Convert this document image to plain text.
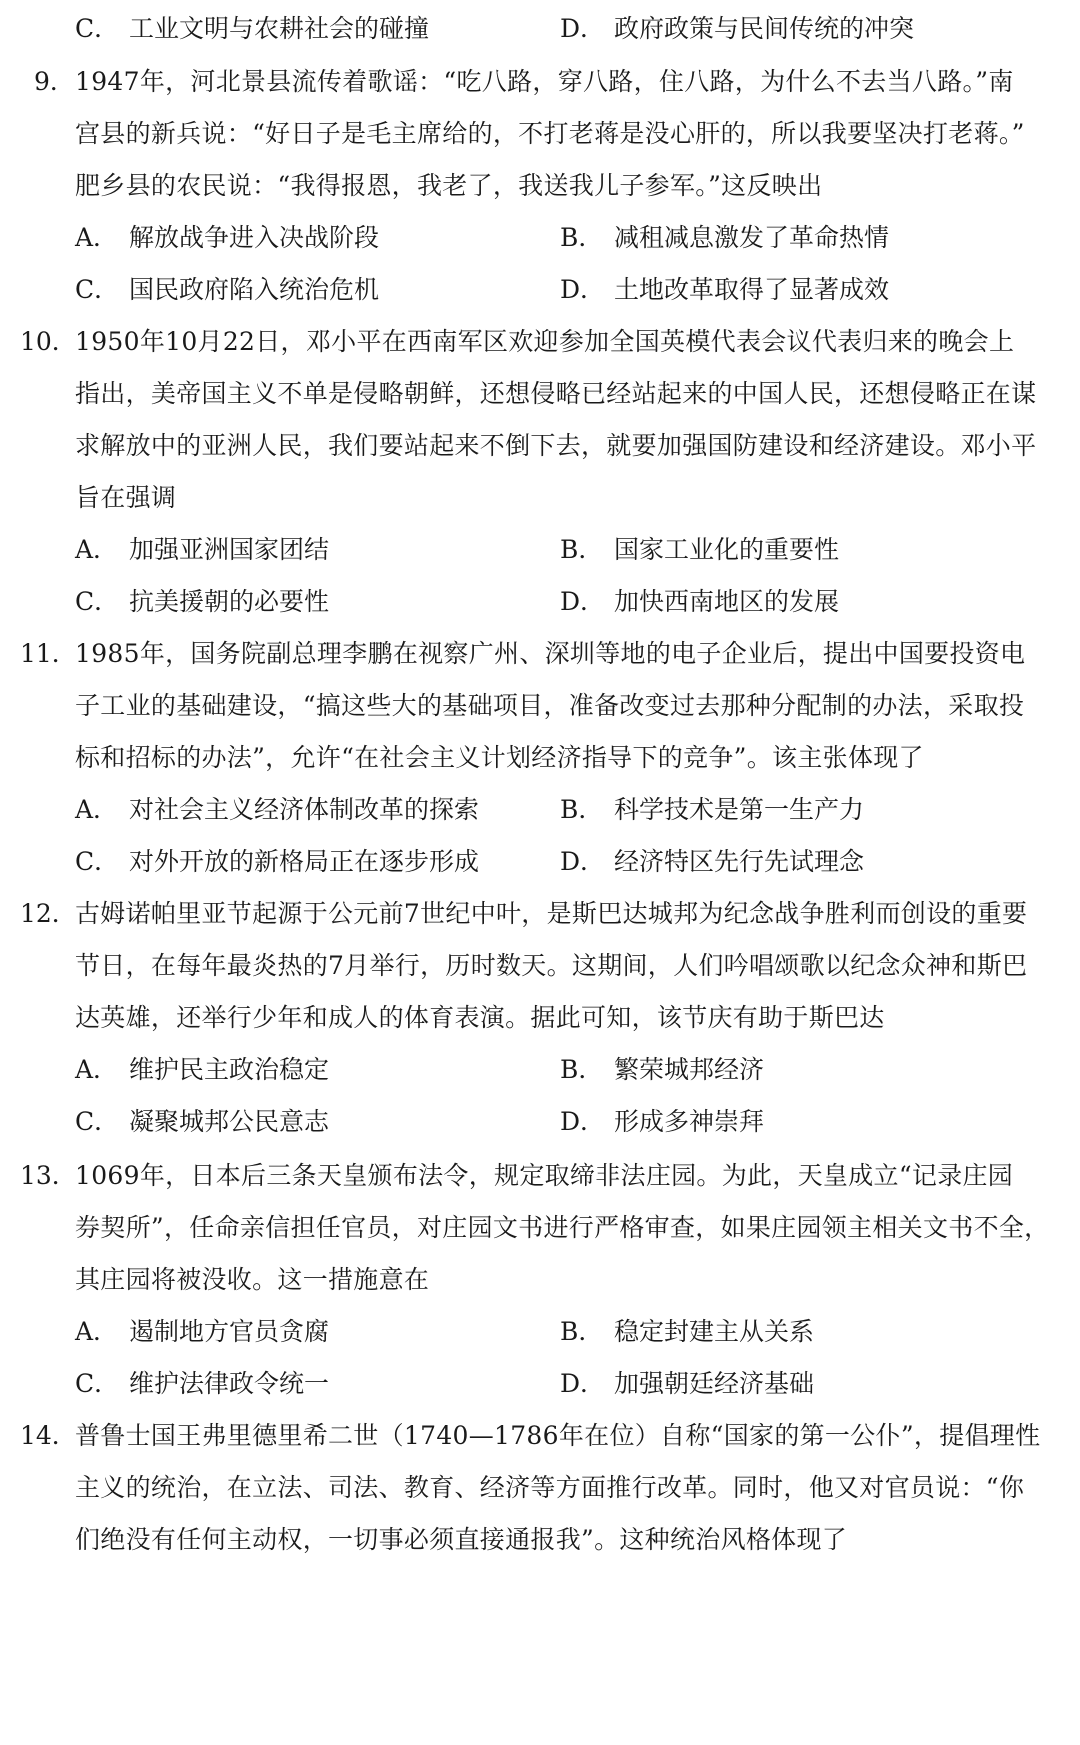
C． 工业文明与农耕社会的碰撞	D． 政府政策与民间传统的冲突
9． 1947年，河北景县流传着歌谣：“吃八路，穿八路，住八路，为什么不去当八路。”南
宫县的新兵说：“好日子是毛主席给的，不打老蒋是没心肝的，所以我要坚决打老蒋。”
肥乡县的农民说：“我得报恩，我老了，我送我儿子参军。”这反映出
A． 解放战争进入决战阶段	B． 减租减息激发了革命热情
C． 国民政府陷入统治危机	D． 土地改革取得了显著成效
10．
1950年10月22日，邓小平在西南军区欢迎参加全国英模代表会议代表归来的晚会上
指出，美帝国主义不单是侵略朝鲜，还想侵略已经站起来的中国人民，还想侵略正在谋
求解放中的亚洲人民，我们要站起来不倒下去，就要加强国防建设和经济建设。邓小平
旨在强调
A． 加强亚洲国家团结	B． 国家工业化的重要性
C． 抗美援朝的必要性	D． 加快西南地区的发展
11．
1985年，国务院副总理李鹏在视察广州、深圳等地的电子企业后，提出中国要投资电
子工业的基础建设，“搞这些大的基础项目，准备改变过去那种分配制的办法，采取投
标和招标的办法”，允许“在社会主义计划经济指导下的竞争”。该主张体现了
A． 对社会主义经济体制改革的探索	B． 科学技术是第一生产力
C． 对外开放的新格局正在逐步形成	D． 经济特区先行先试理念
12．
古姆诺帕里亚节起源于公元前7世纪中叶，是斯巴达城邦为纪念战争胜利而创设的重要
节日，在每年最炎热的7月举行，历时数天。这期间，人们吟唱颂歌以纪念众神和斯巴
达英雄，还举行少年和成人的体育表演。据此可知，该节庆有助于斯巴达
A． 维护民主政治稳定	B． 繁荣城邦经济
C． 凝聚城邦公民意志	D． 形成多神崇拜
13．
1069年，日本后三条天皇颁布法令，规定取缔非法庄园。为此，天皇成立“记录庄园
券契所”，任命亲信担任官员，对庄园文书进行严格审查，如果庄园领主相关文书不全，
其庄园将被没收。这一措施意在
A． 遏制地方官员贪腐	B． 稳定封建主从关系
C． 维护法律政令统一	D． 加强朝廷经济基础
14．
普鲁士国王弗里德里希二世（1740—1786年在位）自称“国家的第一公仆”，提倡理性
主义的统治，在立法、司法、教育、经济等方面推行改革。同时，他又对官员说：“你
们绝没有任何主动权，一切事必须直接通报我”。这种统治风格体现了
